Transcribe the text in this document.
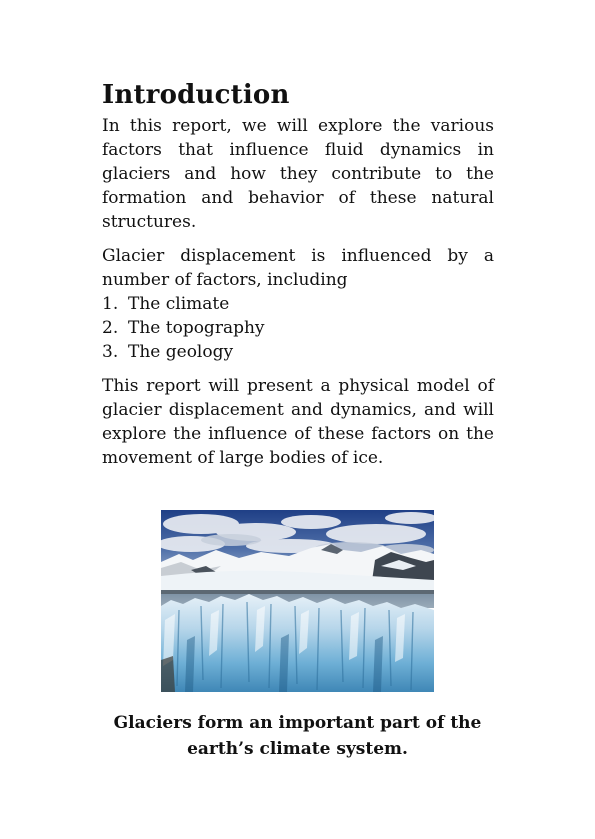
Introduction

In this report, we will explore the various factors that influence fluid dynamics in glaciers and how they contribute to the formation and behavior of these natural structures.

Glacier displacement is influenced by a number of factors, including

1. The climate
2. The topography
3. The geology

This report will present a physical model of glacier displacement and dynamics, and will explore the influence of these factors on the movement of large bodies of ice.

Glaciers form an important part of the earth’s climate system.
